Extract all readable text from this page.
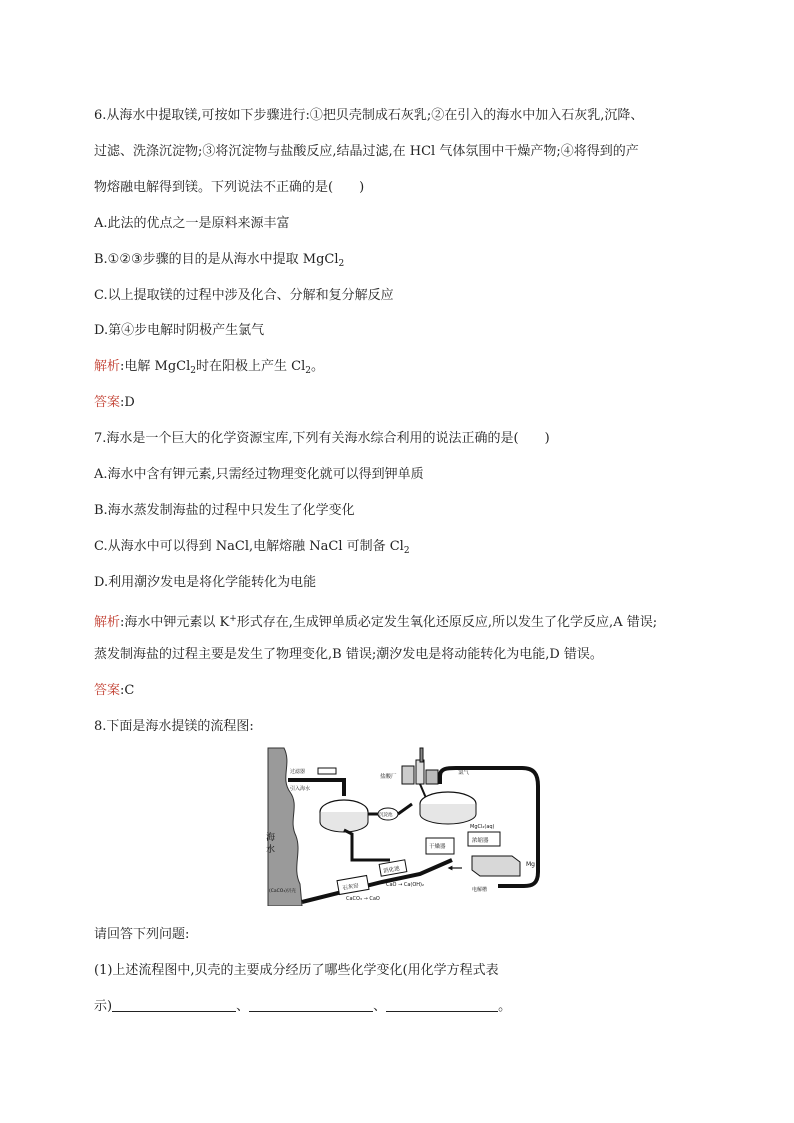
6.从海水中提取镁,可按如下步骤进行:①把贝壳制成石灰乳;②在引入的海水中加入石灰乳,沉降、
过滤、洗涤沉淀物;③将沉淀物与盐酸反应,结晶过滤,在 HCl 气体氛围中干燥产物;④将得到的产
物熔融电解得到镁。下列说法不正确的是(　　)
A.此法的优点之一是原料来源丰富
B.①②③步骤的目的是从海水中提取 MgCl$_2$
C.以上提取镁的过程中涉及化合、分解和复分解反应
D.第④步电解时阴极产生氯气
解析:电解 MgCl$_2$时在阳极上产生 $Cl_2$。
答案:D
7.海水是一个巨大的化学资源宝库,下列有关海水综合利用的说法正确的是(　　)
A.海水中含有钾元素,只需经过物理变化就可以得到钾单质
B.海水蒸发制海盐的过程中只发生了化学变化
C.从海水中可以得到 NaCl,电解熔融 NaCl 可制备 $Cl_2$
D.利用潮汐发电是将化学能转化为电能
解析:海水中钾元素以 K+形式存在,生成钾单质必定发生氧化还原反应,所以发生了化学反应,A 错误;
蒸发制海盐的过程主要是发生了物理变化,B 错误;潮汐发电是将动能转化为电能,D 错误。
答案:C
8.下面是海水提镁的流程图:
海
水
过滤器
引入海水
(CaCO₃)贝壳
沉淀池
盐酸厂
氯气
MgCl₂(aq)
浓缩器
干燥器
电解槽
Mg
石灰窑
消化池
CaO → Ca(OH)₂
CaCO₃ → CaO
请回答下列问题:
(1)上述流程图中,贝壳的主要成分经历了哪些化学变化(用化学方程式表
示)	、	、	。
